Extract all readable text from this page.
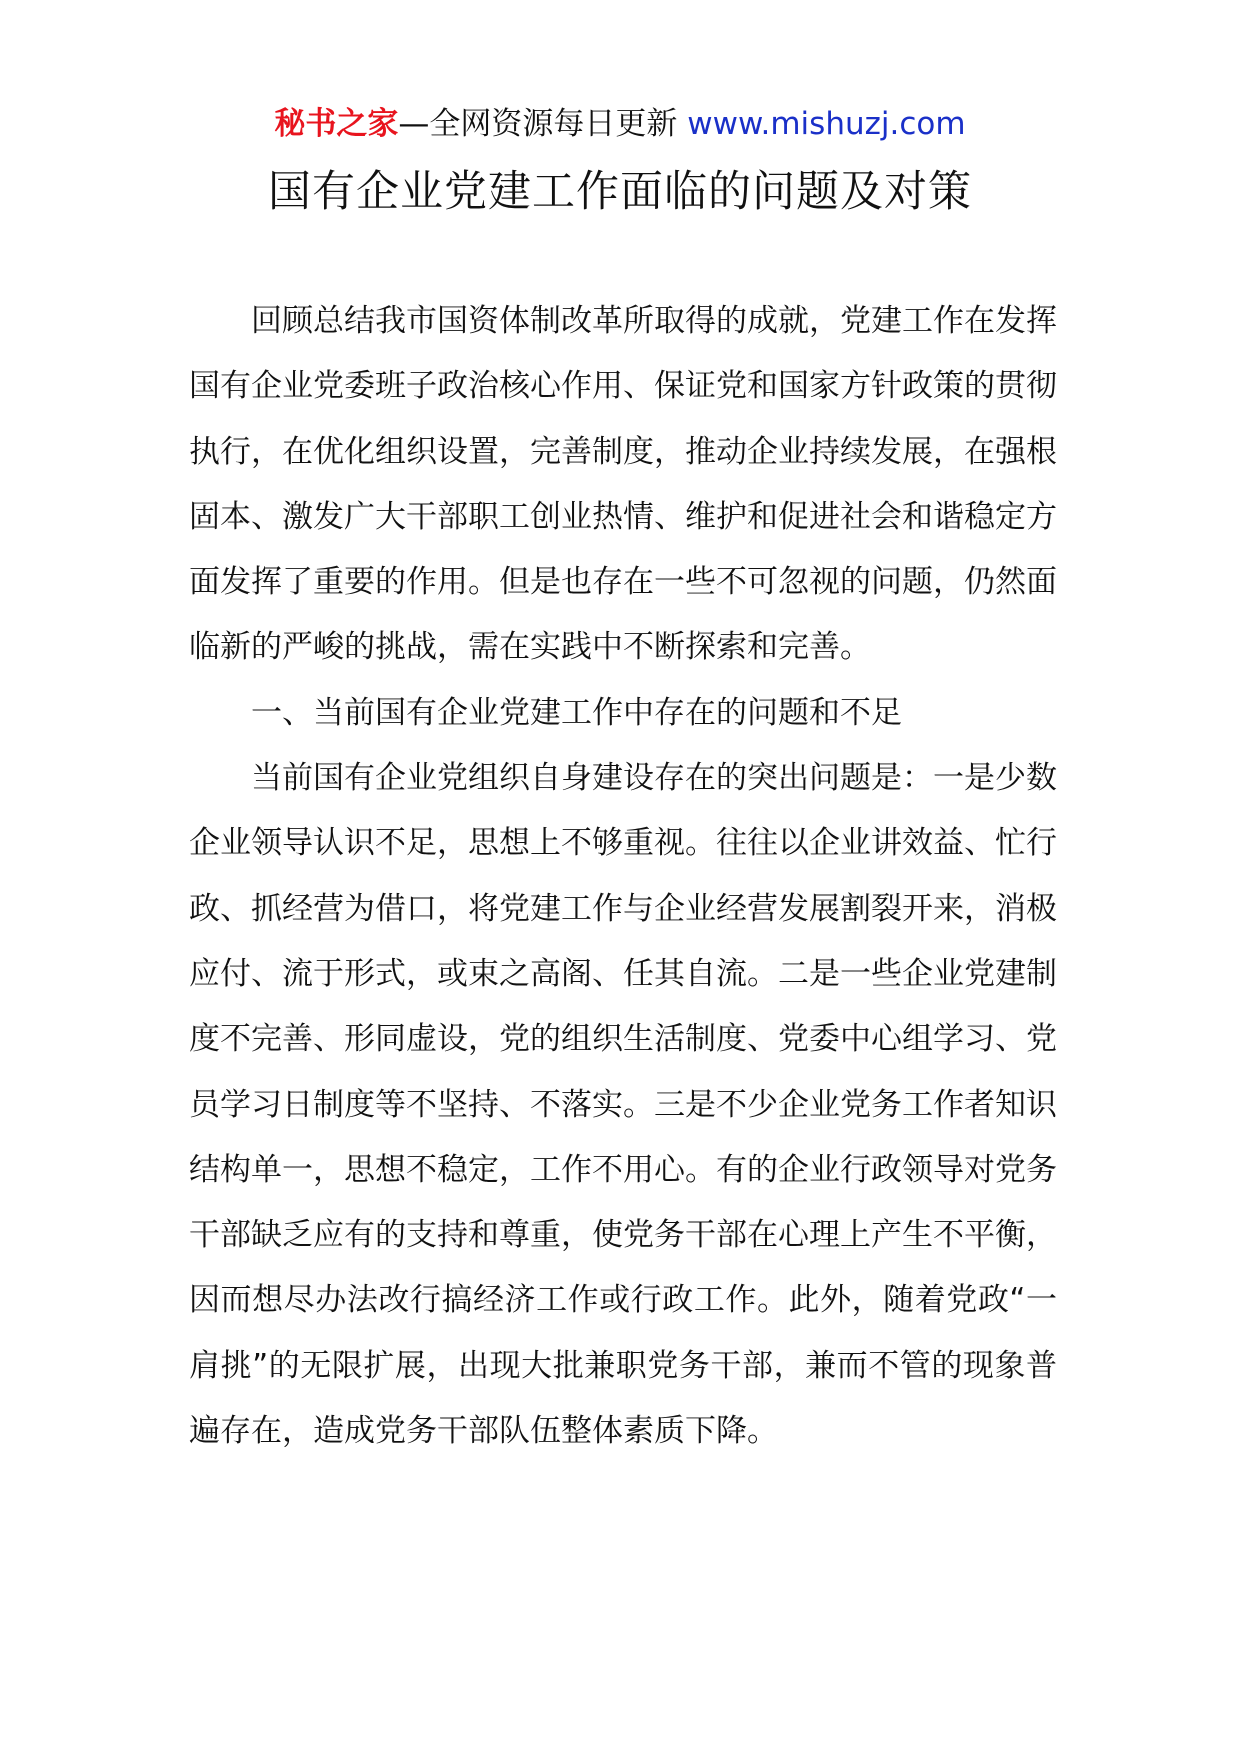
秘书之家—全网资源每日更新 www.mishuzj.com
国有企业党建工作面临的问题及对策

回顾总结我市国资体制改革所取得的成就，党建工作在发挥国有企业党委班子政治核心作用、保证党和国家方针政策的贯彻执行，在优化组织设置，完善制度，推动企业持续发展，在强根固本、激发广大干部职工创业热情、维护和促进社会和谐稳定方面发挥了重要的作用。但是也存在一些不可忽视的问题，仍然面临新的严峻的挑战，需在实践中不断探索和完善。

一、当前国有企业党建工作中存在的问题和不足

当前国有企业党组织自身建设存在的突出问题是：一是少数企业领导认识不足，思想上不够重视。往往以企业讲效益、忙行政、抓经营为借口，将党建工作与企业经营发展割裂开来，消极应付、流于形式，或束之高阁、任其自流。二是一些企业党建制度不完善、形同虚设，党的组织生活制度、党委中心组学习、党员学习日制度等不坚持、不落实。三是不少企业党务工作者知识结构单一，思想不稳定，工作不用心。有的企业行政领导对党务干部缺乏应有的支持和尊重，使党务干部在心理上产生不平衡，因而想尽办法改行搞经济工作或行政工作。此外，随着党政“一肩挑”的无限扩展，出现大批兼职党务干部，兼而不管的现象普遍存在，造成党务干部队伍整体素质下降。
